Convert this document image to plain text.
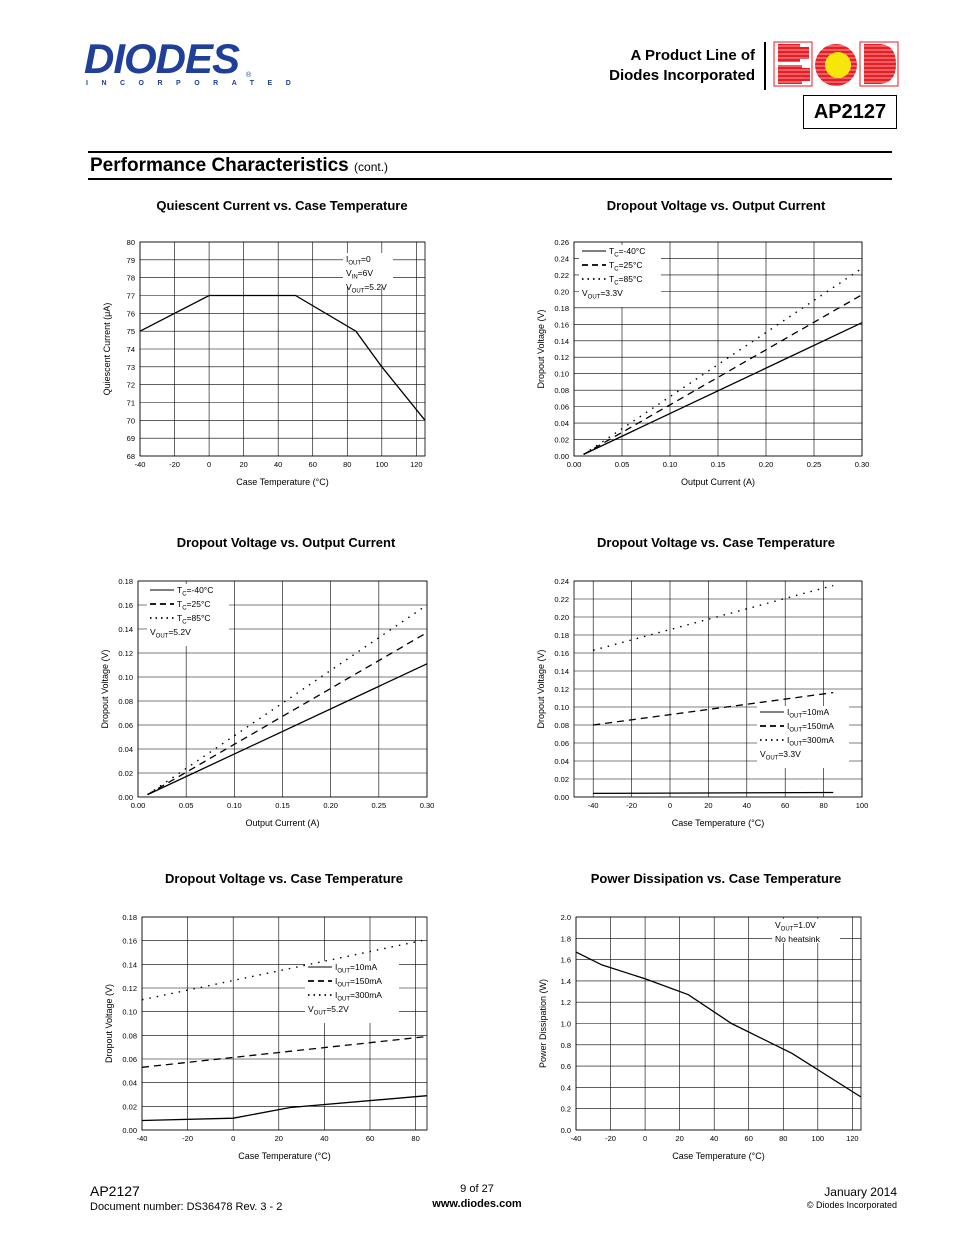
DIODES
INCORPORATED
®
A Product Line of
Diodes Incorporated
AP2127
Performance Characteristics (cont.)
Quiescent Current vs. Case Temperature	Dropout Voltage vs. Output Current
Dropout Voltage vs. Output Current	Dropout Voltage vs. Case Temperature
Dropout Voltage vs. Case Temperature	Power Dissipation vs. Case Temperature
-40	-20	0	20	40	60	80	100	120
68
69
70
71
72
73
74
75
76
77
78
79
80
Case Temperature (°C)
Quiescent Current (μA)
$I_{OUT}=0$
$V_{IN}=6V$
$V_{OUT}=5.2V$
0.00	0.05	0.10	0.15	0.20	0.25	0.30
0.00
0.02
0.04
0.06
0.08
0.10
0.12
0.14
0.16
0.18
0.20
0.22
0.24
0.26
Output Current (A)
Dropout Voltage (V)
$T_C=-40^\circ C$
$T_C=25^\circ C$
$T_C=85^\circ C$
$V_{OUT}=3.3V$
0.00	0.05	0.10	0.15	0.20	0.25	0.30
0.00
0.02
0.04
0.06
0.08
0.10
0.12
0.14
0.16
0.18
Output Current (A)
Dropout Voltage (V)
$T_C=-40^\circ C$
$T_C=25^\circ C$
$T_C=85^\circ C$
$V_{OUT}=5.2V$
-40	-20	0	20	40	60	80	100
0.00
0.02
0.04
0.06
0.08
0.10
0.12
0.14
0.16
0.18
0.20
0.22
0.24
Case Temperature (°C)
Dropout Voltage (V)	$I_{OUT}=10mA$
$I_{OUT}=150mA$
$I_{OUT}=300mA$
$V_{OUT}=3.3V$
-40	-20	0	20	40	60	80
0.00
0.02
0.04
0.06
0.08
0.10
0.12
0.14
0.16
0.18
Case Temperature (°C)
Dropout Voltage (V)
$I_{OUT}=10mA$
$I_{OUT}=150mA$
$I_{OUT}=300mA$
$V_{OUT}=5.2V$
-40	-20	0	20	40	60	80	100	120
0.0
0.2
0.4
0.6
0.8
1.0
1.2
1.4
1.6
1.8
2.0
Case Temperature (°C)
Power Dissipation (W)
$V_{OUT}=1.0V$
No heatsink
AP2127
Document number: DS36478 Rev. 3 - 2
9 of 27
www.diodes.com
January 2014
© Diodes Incorporated
